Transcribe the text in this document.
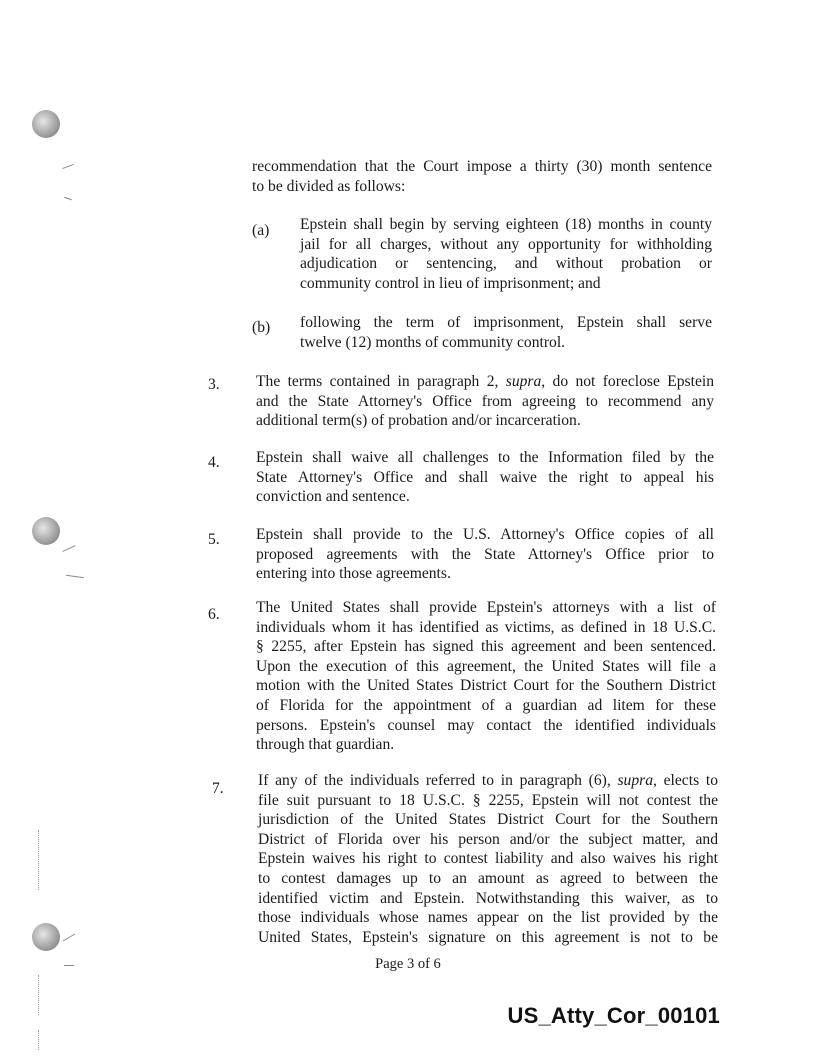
recommendation that the Court impose a thirty (30) month sentence
to be divided as follows:
(a) Epstein shall begin by serving eighteen (18) months in county
jail for all charges, without any opportunity for withholding
adjudication or sentencing, and without probation or
community control in lieu of imprisonment; and
(b) following the term of imprisonment, Epstein shall serve
twelve (12) months of community control.
3. The terms contained in paragraph 2, supra, do not foreclose Epstein
and the State Attorney's Office from agreeing to recommend any
additional term(s) of probation and/or incarceration.
4. Epstein shall waive all challenges to the Information filed by the
State Attorney's Office and shall waive the right to appeal his
conviction and sentence.
5. Epstein shall provide to the U.S. Attorney's Office copies of all
proposed agreements with the State Attorney's Office prior to
entering into those agreements.
6. The United States shall provide Epstein's attorneys with a list of
individuals whom it has identified as victims, as defined in 18 U.S.C.
§ 2255, after Epstein has signed this agreement and been sentenced.
Upon the execution of this agreement, the United States will file a
motion with the United States District Court for the Southern District
of Florida for the appointment of a guardian ad litem for these
persons. Epstein's counsel may contact the identified individuals
through that guardian.
7. If any of the individuals referred to in paragraph (6), supra, elects to
file suit pursuant to 18 U.S.C. § 2255, Epstein will not contest the
jurisdiction of the United States District Court for the Southern
District of Florida over his person and/or the subject matter, and
Epstein waives his right to contest liability and also waives his right
to contest damages up to an amount as agreed to between the
identified victim and Epstein. Notwithstanding this waiver, as to
those individuals whose names appear on the list provided by the
United States, Epstein's signature on this agreement is not to be
Page 3 of 6
US_Atty_Cor_00101
